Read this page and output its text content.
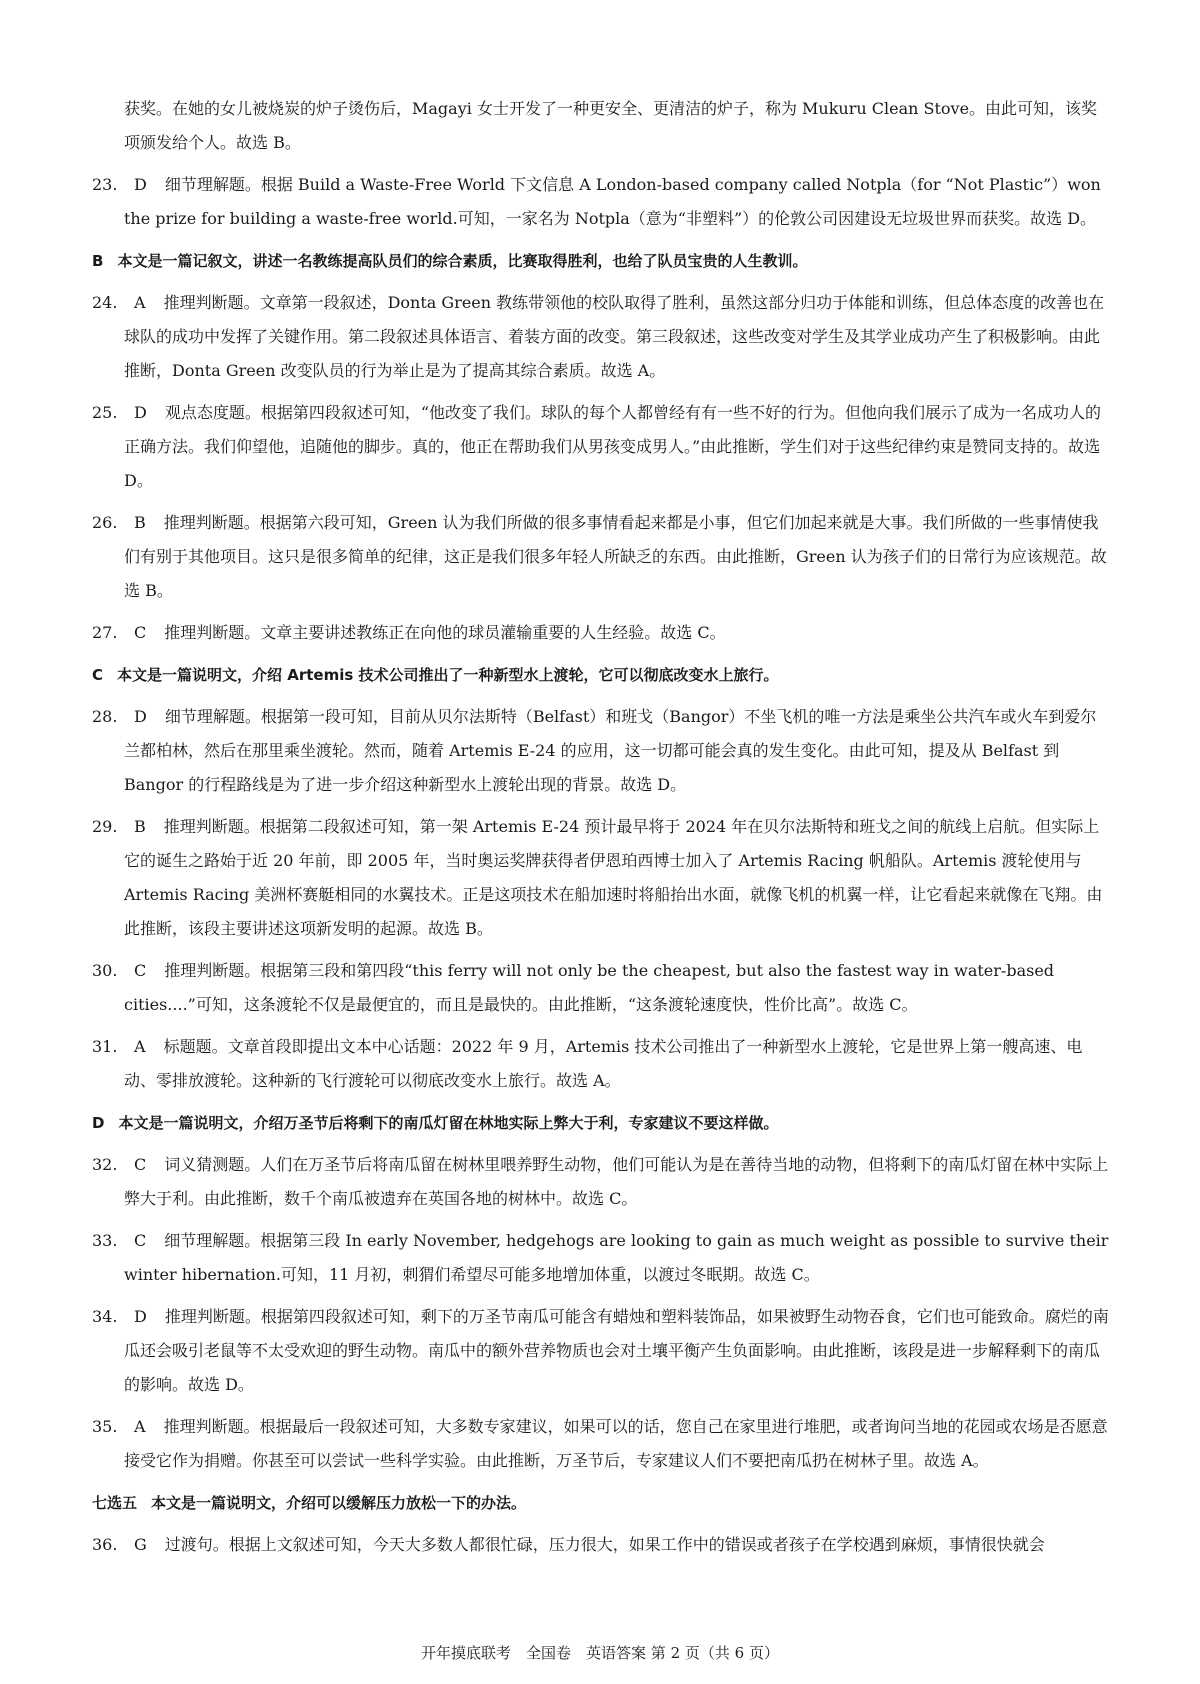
获奖。在她的女儿被烧炭的炉子烫伤后，Magayi 女士开发了一种更安全、更清洁的炉子，称为 Mukuru Clean Stove。由此可知，该奖项颁发给个人。故选 B。

23. D 细节理解题。根据 Build a Waste-Free World 下文信息 A London-based company called Notpla（for “Not Plastic”）won the prize for building a waste-free world.可知，一家名为 Notpla（意为“非塑料”）的伦敦公司因建设无垃圾世界而获奖。故选 D。

B 本文是一篇记叙文，讲述一名教练提高队员们的综合素质，比赛取得胜利，也给了队员宝贵的人生教训。

24. A 推理判断题。文章第一段叙述，Donta Green 教练带领他的校队取得了胜利，虽然这部分归功于体能和训练，但总体态度的改善也在球队的成功中发挥了关键作用。第二段叙述具体语言、着装方面的改变。第三段叙述，这些改变对学生及其学业成功产生了积极影响。由此推断，Donta Green 改变队员的行为举止是为了提高其综合素质。故选 A。

25. D 观点态度题。根据第四段叙述可知，“他改变了我们。球队的每个人都曾经有有一些不好的行为。但他向我们展示了成为一名成功人的正确方法。我们仰望他，追随他的脚步。真的，他正在帮助我们从男孩变成男人。”由此推断，学生们对于这些纪律约束是赞同支持的。故选 D。

26. B 推理判断题。根据第六段可知，Green 认为我们所做的很多事情看起来都是小事，但它们加起来就是大事。我们所做的一些事情使我们有别于其他项目。这只是很多简单的纪律，这正是我们很多年轻人所缺乏的东西。由此推断，Green 认为孩子们的日常行为应该规范。故选 B。

27. C 推理判断题。文章主要讲述教练正在向他的球员灌输重要的人生经验。故选 C。

C 本文是一篇说明文，介绍 Artemis 技术公司推出了一种新型水上渡轮，它可以彻底改变水上旅行。

28. D 细节理解题。根据第一段可知，目前从贝尔法斯特（Belfast）和班戈（Bangor）不坐飞机的唯一方法是乘坐公共汽车或火车到爱尔兰都柏林，然后在那里乘坐渡轮。然而，随着 Artemis E-24 的应用，这一切都可能会真的发生变化。由此可知，提及从 Belfast 到 Bangor 的行程路线是为了进一步介绍这种新型水上渡轮出现的背景。故选 D。

29. B 推理判断题。根据第二段叙述可知，第一架 Artemis E-24 预计最早将于 2024 年在贝尔法斯特和班戈之间的航线上启航。但实际上它的诞生之路始于近 20 年前，即 2005 年，当时奥运奖牌获得者伊恩珀西博士加入了 Artemis Racing 帆船队。Artemis 渡轮使用与 Artemis Racing 美洲杯赛艇相同的水翼技术。正是这项技术在船加速时将船抬出水面，就像飞机的机翼一样，让它看起来就像在飞翔。由此推断，该段主要讲述这项新发明的起源。故选 B。

30. C 推理判断题。根据第三段和第四段“this ferry will not only be the cheapest, but also the fastest way in water-based cities....”可知，这条渡轮不仅是最便宜的，而且是最快的。由此推断，“这条渡轮速度快，性价比高”。故选 C。

31. A 标题题。文章首段即提出文本中心话题：2022 年 9 月，Artemis 技术公司推出了一种新型水上渡轮，它是世界上第一艘高速、电动、零排放渡轮。这种新的飞行渡轮可以彻底改变水上旅行。故选 A。

D 本文是一篇说明文，介绍万圣节后将剩下的南瓜灯留在林地实际上弊大于利，专家建议不要这样做。

32. C 词义猜测题。人们在万圣节后将南瓜留在树林里喂养野生动物，他们可能认为是在善待当地的动物，但将剩下的南瓜灯留在林中实际上弊大于利。由此推断，数千个南瓜被遗弃在英国各地的树林中。故选 C。

33. C 细节理解题。根据第三段 In early November, hedgehogs are looking to gain as much weight as possible to survive their winter hibernation.可知，11 月初，刺猬们希望尽可能多地增加体重，以渡过冬眠期。故选 C。

34. D 推理判断题。根据第四段叙述可知，剩下的万圣节南瓜可能含有蜡烛和塑料装饰品，如果被野生动物吞食，它们也可能致命。腐烂的南瓜还会吸引老鼠等不太受欢迎的野生动物。南瓜中的额外营养物质也会对土壤平衡产生负面影响。由此推断，该段是进一步解释剩下的南瓜的影响。故选 D。

35. A 推理判断题。根据最后一段叙述可知，大多数专家建议，如果可以的话，您自己在家里进行堆肥，或者询问当地的花园或农场是否愿意接受它作为捐赠。你甚至可以尝试一些科学实验。由此推断，万圣节后，专家建议人们不要把南瓜扔在树林子里。故选 A。

七选五 本文是一篇说明文，介绍可以缓解压力放松一下的办法。

36. G 过渡句。根据上文叙述可知，今天大多数人都很忙碌，压力很大，如果工作中的错误或者孩子在学校遇到麻烦，事情很快就会

开年摸底联考　全国卷　英语答案 第 2 页（共 6 页）
